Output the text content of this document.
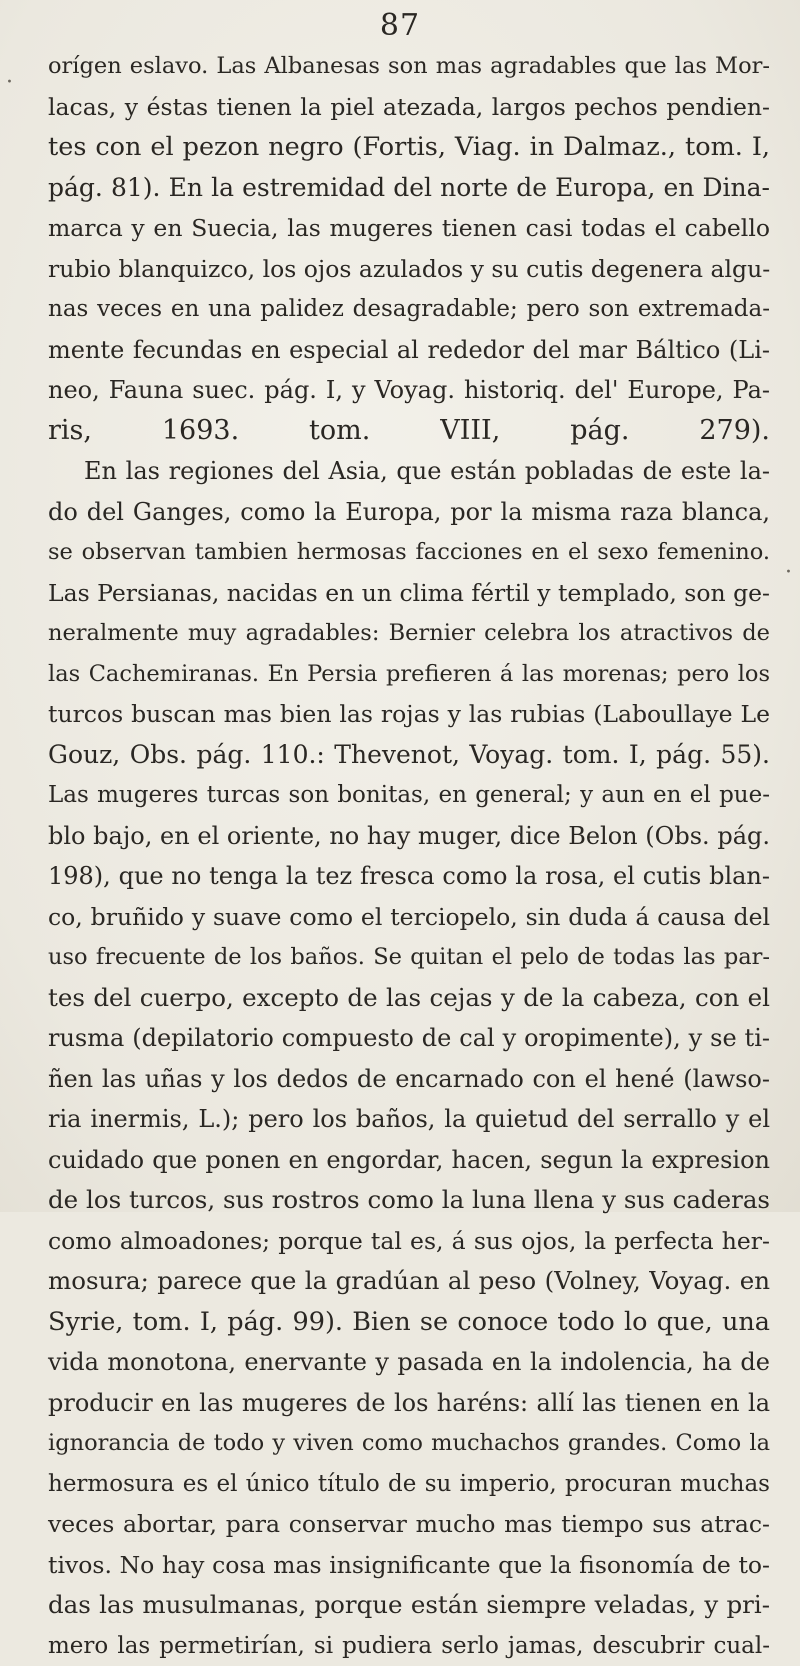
87
orígen eslavo. Las Albanesas son mas agradables que las Mor-
lacas, y éstas tienen la piel atezada, largos pechos pendien-
tes con el pezon negro (Fortis, Viag. in Dalmaz., tom. I,
pág. 81). En la estremidad del norte de Europa, en Dina-
marca y en Suecia, las mugeres tienen casi todas el cabello
rubio blanquizco, los ojos azulados y su cutis degenera algu-
nas veces en una palidez desagradable; pero son extremada-
mente fecundas en especial al rededor del mar Báltico (Li-
neo, Fauna suec. pág. I, y Voyag. historiq. del' Europe, Pa-
ris, 1693. tom. VIII, pág. 279).
En las regiones del Asia, que están pobladas de este la-
do del Ganges, como la Europa, por la misma raza blanca,
se observan tambien hermosas facciones en el sexo femenino.
Las Persianas, nacidas en un clima fértil y templado, son ge-
neralmente muy agradables: Bernier celebra los atractivos de
las Cachemiranas. En Persia prefieren á las morenas; pero los
turcos buscan mas bien las rojas y las rubias (Laboullaye Le
Gouz, Obs. pág. 110.: Thevenot, Voyag. tom. I, pág. 55).
Las mugeres turcas son bonitas, en general; y aun en el pue-
blo bajo, en el oriente, no hay muger, dice Belon (Obs. pág.
198), que no tenga la tez fresca como la rosa, el cutis blan-
co, bruñido y suave como el terciopelo, sin duda á causa del
uso frecuente de los baños. Se quitan el pelo de todas las par-
tes del cuerpo, excepto de las cejas y de la cabeza, con el
rusma (depilatorio compuesto de cal y oropimente), y se ti-
ñen las uñas y los dedos de encarnado con el hené (lawso-
ria inermis, L.); pero los baños, la quietud del serrallo y el
cuidado que ponen en engordar, hacen, segun la expresion
de los turcos, sus rostros como la luna llena y sus caderas
como almoadones; porque tal es, á sus ojos, la perfecta her-
mosura; parece que la gradúan al peso (Volney, Voyag. en
Syrie, tom. I, pág. 99). Bien se conoce todo lo que, una
vida monotona, enervante y pasada en la indolencia, ha de
producir en las mugeres de los haréns: allí las tienen en la
ignorancia de todo y viven como muchachos grandes. Como la
hermosura es el único título de su imperio, procuran muchas
veces abortar, para conservar mucho mas tiempo sus atrac-
tivos. No hay cosa mas insignificante que la fisonomía de to-
das las musulmanas, porque están siempre veladas, y pri-
mero las permetirían, si pudiera serlo jamas, descubrir cual-
·
·
